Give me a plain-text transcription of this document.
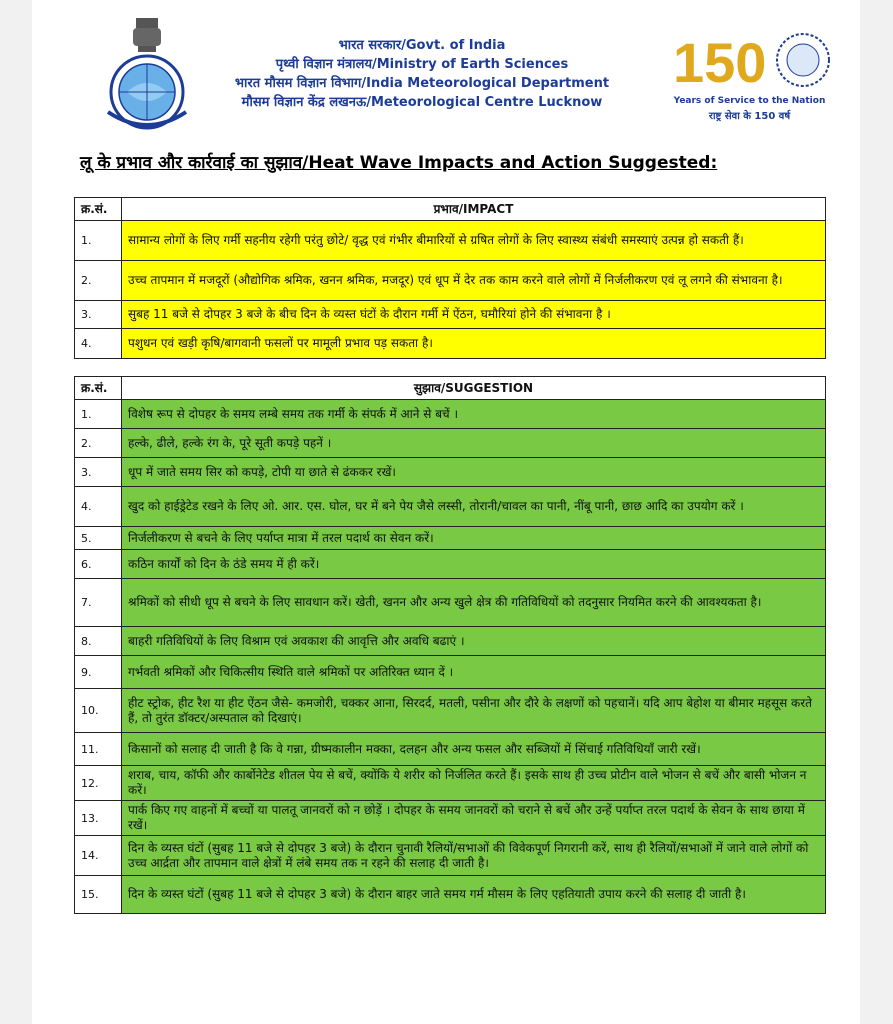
भारत सरकार/Govt. of India
पृथ्वी विज्ञान मंत्रालय/Ministry of Earth Sciences
भारत मौसम विज्ञान विभाग/India Meteorological Department
मौसम विज्ञान केंद्र लखनऊ/Meteorological Centre Lucknow
150
Years of Service to the Nation
राष्ट्र सेवा के 150 वर्ष
लू के प्रभाव और कार्रवाई का सुझाव/Heat Wave Impacts and Action Suggested:
क्र.सं.	प्रभाव/IMPACT
1.	सामान्य लोगों के लिए गर्मी सहनीय रहेगी परंतु छोटे/ वृद्ध एवं गंभीर बीमारियों से ग्रषित लोगों के लिए स्वास्थ्य संबंधी समस्याएं उत्पन्न हो सकती हैं।
2.	उच्च तापमान में मजदूरों (औद्योगिक श्रमिक, खनन श्रमिक, मजदूर) एवं धूप में देर तक काम करने वाले लोगों में निर्जलीकरण एवं लू लगने की संभावना है।
3.	सुबह 11 बजे से दोपहर 3 बजे के बीच दिन के व्यस्त घंटों के दौरान गर्मी में ऐंठन, घमौरियां होने की संभावना है ।
4.	पशुधन एवं खड़ी कृषि/बागवानी फसलों पर मामूली प्रभाव पड़ सकता है।
क्र.सं.	सुझाव/SUGGESTION
1.	विशेष रूप से दोपहर के समय लम्बे समय तक गर्मी के संपर्क में आने से बचें ।
2.	हल्के, ढीले, हल्के रंग के, पूरे सूती कपड़े पहनें ।
3.	धूप में जाते समय सिर को कपड़े, टोपी या छाते से ढंककर रखें।
4.	खुद को हाईड्रेटेड रखने के लिए ओ. आर. एस. घोल, घर में बने पेय जैसे लस्सी, तोरानी/चावल का पानी, नींबू पानी, छाछ आदि का उपयोग करें ।
5.	निर्जलीकरण से बचने के लिए पर्याप्त मात्रा में तरल पदार्थ का सेवन करें।
6.	कठिन कार्यों को दिन के ठंडे समय में ही करें।
7.	श्रमिकों को सीधी धूप से बचने के लिए सावधान करें। खेती, खनन और अन्य खुले क्षेत्र की गतिविधियों को तदनुसार नियमित करने की आवश्यकता है।
8.	बाहरी गतिविधियों के लिए विश्राम एवं अवकाश की आवृत्ति और अवधि बढाएं ।
9.	गर्भवती श्रमिकों और चिकित्सीय स्थिति वाले श्रमिकों पर अतिरिक्त ध्यान दें ।
10.	हीट स्ट्रोक, हीट रैश या हीट ऐंठन जैसे- कमजोरी, चक्कर आना, सिरदर्द, मतली, पसीना और दौरे के लक्षणों को पहचानें। यदि आप बेहोश या बीमार महसूस करते हैं, तो तुरंत डॉक्टर/अस्पताल को दिखाएं।
11.	किसानों को सलाह दी जाती है कि वे गन्ना, ग्रीष्मकालीन मक्का, दलहन और अन्य फसल और सब्जियों में सिंचाई गतिविधियाँ जारी रखें।
12.	शराब, चाय, कॉफी और कार्बोनेटेड शीतल पेय से बचें, क्योंकि ये शरीर को निर्जलित करते हैं। इसके साथ ही उच्च प्रोटीन वाले भोजन से बचें और बासी भोजन न करें।
13.	पार्क किए गए वाहनों में बच्चों या पालतू जानवरों को न छोड़ें । दोपहर के समय जानवरों को चराने से बचें और उन्हें पर्याप्त तरल पदार्थ के सेवन के साथ छाया में रखें।
14.	दिन के व्यस्त घंटों (सुबह 11 बजे से दोपहर 3 बजे) के दौरान चुनावी रैलियों/सभाओं की विवेकपूर्ण निगरानी करें, साथ ही रैलियों/सभाओं में जाने वाले लोगों को उच्च आर्द्रता और तापमान वाले क्षेत्रों में लंबे समय तक न रहने की सलाह दी जाती है।
15.	दिन के व्यस्त घंटों (सुबह 11 बजे से दोपहर 3 बजे) के दौरान बाहर जाते समय गर्म मौसम के लिए एहतियाती उपाय करने की सलाह दी जाती है।
